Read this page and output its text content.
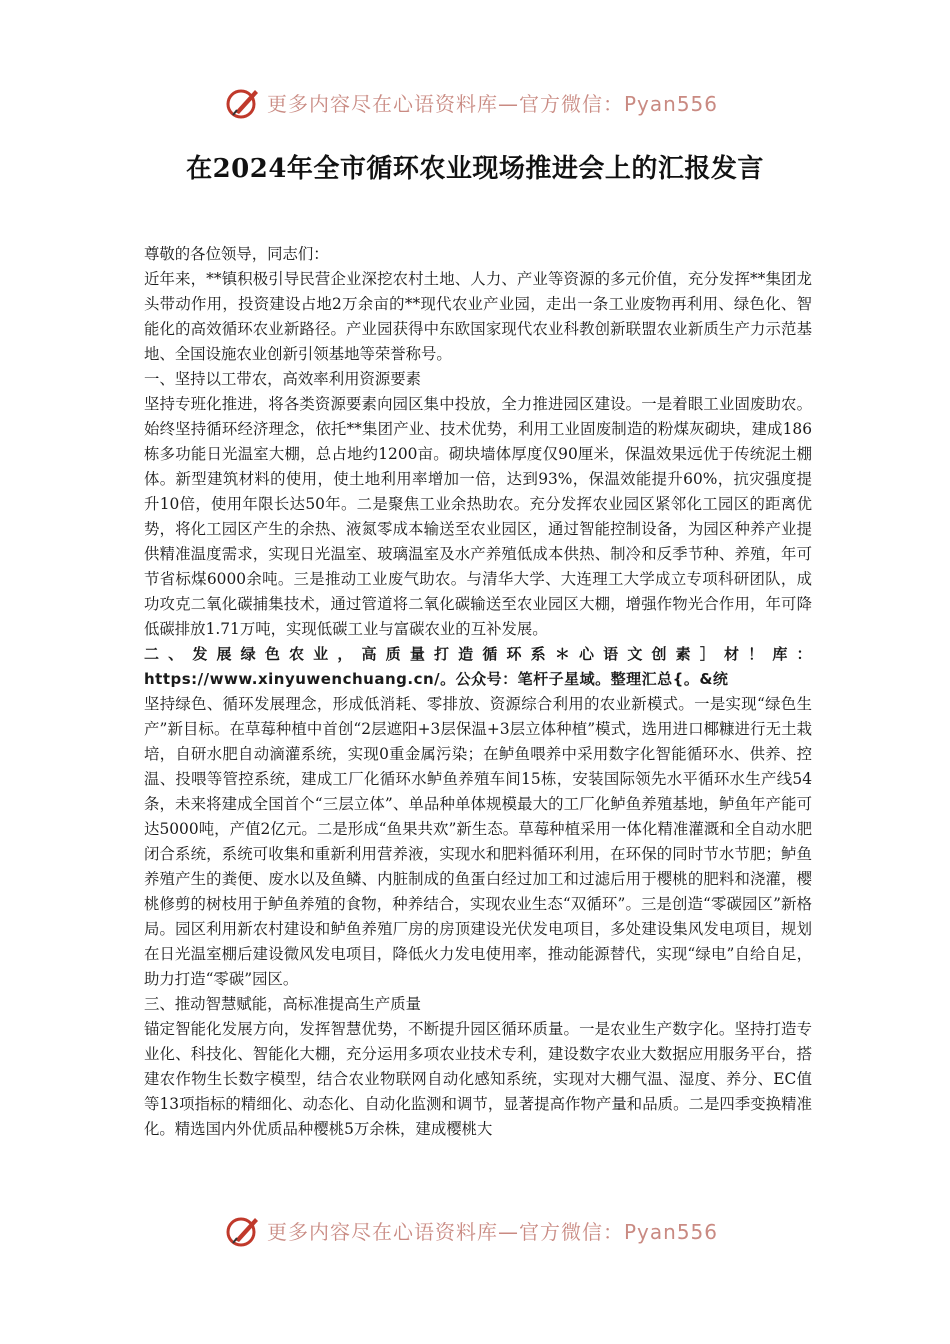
更多内容尽在心语资料库—官方微信：Pyan556
在2024年全市循环农业现场推进会上的汇报发言

尊敬的各位领导，同志们：

近年来，**镇积极引导民营企业深挖农村土地、人力、产业等资源的多元价值，充分发挥**集团龙头带动作用，投资建设占地2万余亩的**现代农业产业园，走出一条工业废物再利用、绿色化、智能化的高效循环农业新路径。产业园获得中东欧国家现代农业科教创新联盟农业新质生产力示范基地、全国设施农业创新引领基地等荣誉称号。

一、坚持以工带农，高效率利用资源要素

坚持专班化推进，将各类资源要素向园区集中投放，全力推进园区建设。一是着眼工业固废助农。始终坚持循环经济理念，依托**集团产业、技术优势，利用工业固废制造的粉煤灰砌块，建成186栋多功能日光温室大棚，总占地约1200亩。砌块墙体厚度仅90厘米，保温效果远优于传统泥土棚体。新型建筑材料的使用，使土地利用率增加一倍，达到93%，保温效能提升60%，抗灾强度提升10倍，使用年限长达50年。二是聚焦工业余热助农。充分发挥农业园区紧邻化工园区的距离优势，将化工园区产生的余热、液氮零成本输送至农业园区，通过智能控制设备，为园区种养产业提供精准温度需求，实现日光温室、玻璃温室及水产养殖低成本供热、制冷和反季节种、养殖，年可节省标煤6000余吨。三是推动工业废气助农。与清华大学、大连理工大学成立专项科研团队，成功攻克二氧化碳捕集技术，通过管道将二氧化碳输送至农业园区大棚，增强作物光合作用，年可降低碳排放1.71万吨，实现低碳工业与富碳农业的互补发展。

二、发展绿色农业，高质量打造循环系＊心语文创素］材！库：https://www.xinyuwenchuang.cn/。公众号：笔杆子星域。整理汇总{。&统

坚持绿色、循环发展理念，形成低消耗、零排放、资源综合利用的农业新模式。一是实现“绿色生产”新目标。在草莓种植中首创“2层遮阳+3层保温+3层立体种植”模式，选用进口椰糠进行无土栽培，自研水肥自动滴灌系统，实现0重金属污染；在鲈鱼喂养中采用数字化智能循环水、供养、控温、投喂等管控系统，建成工厂化循环水鲈鱼养殖车间15栋，安装国际领先水平循环水生产线54条，未来将建成全国首个“三层立体”、单品种单体规模最大的工厂化鲈鱼养殖基地，鲈鱼年产能可达5000吨，产值2亿元。二是形成“鱼果共欢”新生态。草莓种植采用一体化精准灌溉和全自动水肥闭合系统，系统可收集和重新利用营养液，实现水和肥料循环利用，在环保的同时节水节肥；鲈鱼养殖产生的粪便、废水以及鱼鳞、内脏制成的鱼蛋白经过加工和过滤后用于樱桃的肥料和浇灌，樱桃修剪的树枝用于鲈鱼养殖的食物，种养结合，实现农业生态“双循环”。三是创造“零碳园区”新格局。园区利用新农村建设和鲈鱼养殖厂房的房顶建设光伏发电项目，多处建设集风发电项目，规划在日光温室棚后建设微风发电项目，降低火力发电使用率，推动能源替代，实现“绿电”自给自足，助力打造“零碳”园区。

三、推动智慧赋能，高标准提高生产质量

锚定智能化发展方向，发挥智慧优势，不断提升园区循环质量。一是农业生产数字化。坚持打造专业化、科技化、智能化大棚，充分运用多项农业技术专利，建设数字农业大数据应用服务平台，搭建农作物生长数字模型，结合农业物联网自动化感知系统，实现对大棚气温、湿度、养分、EC值等13项指标的精细化、动态化、自动化监测和调节，显著提高作物产量和品质。二是四季变换精准化。精选国内外优质品种樱桃5万余株，建成樱桃大

更多内容尽在心语资料库—官方微信：Pyan556
